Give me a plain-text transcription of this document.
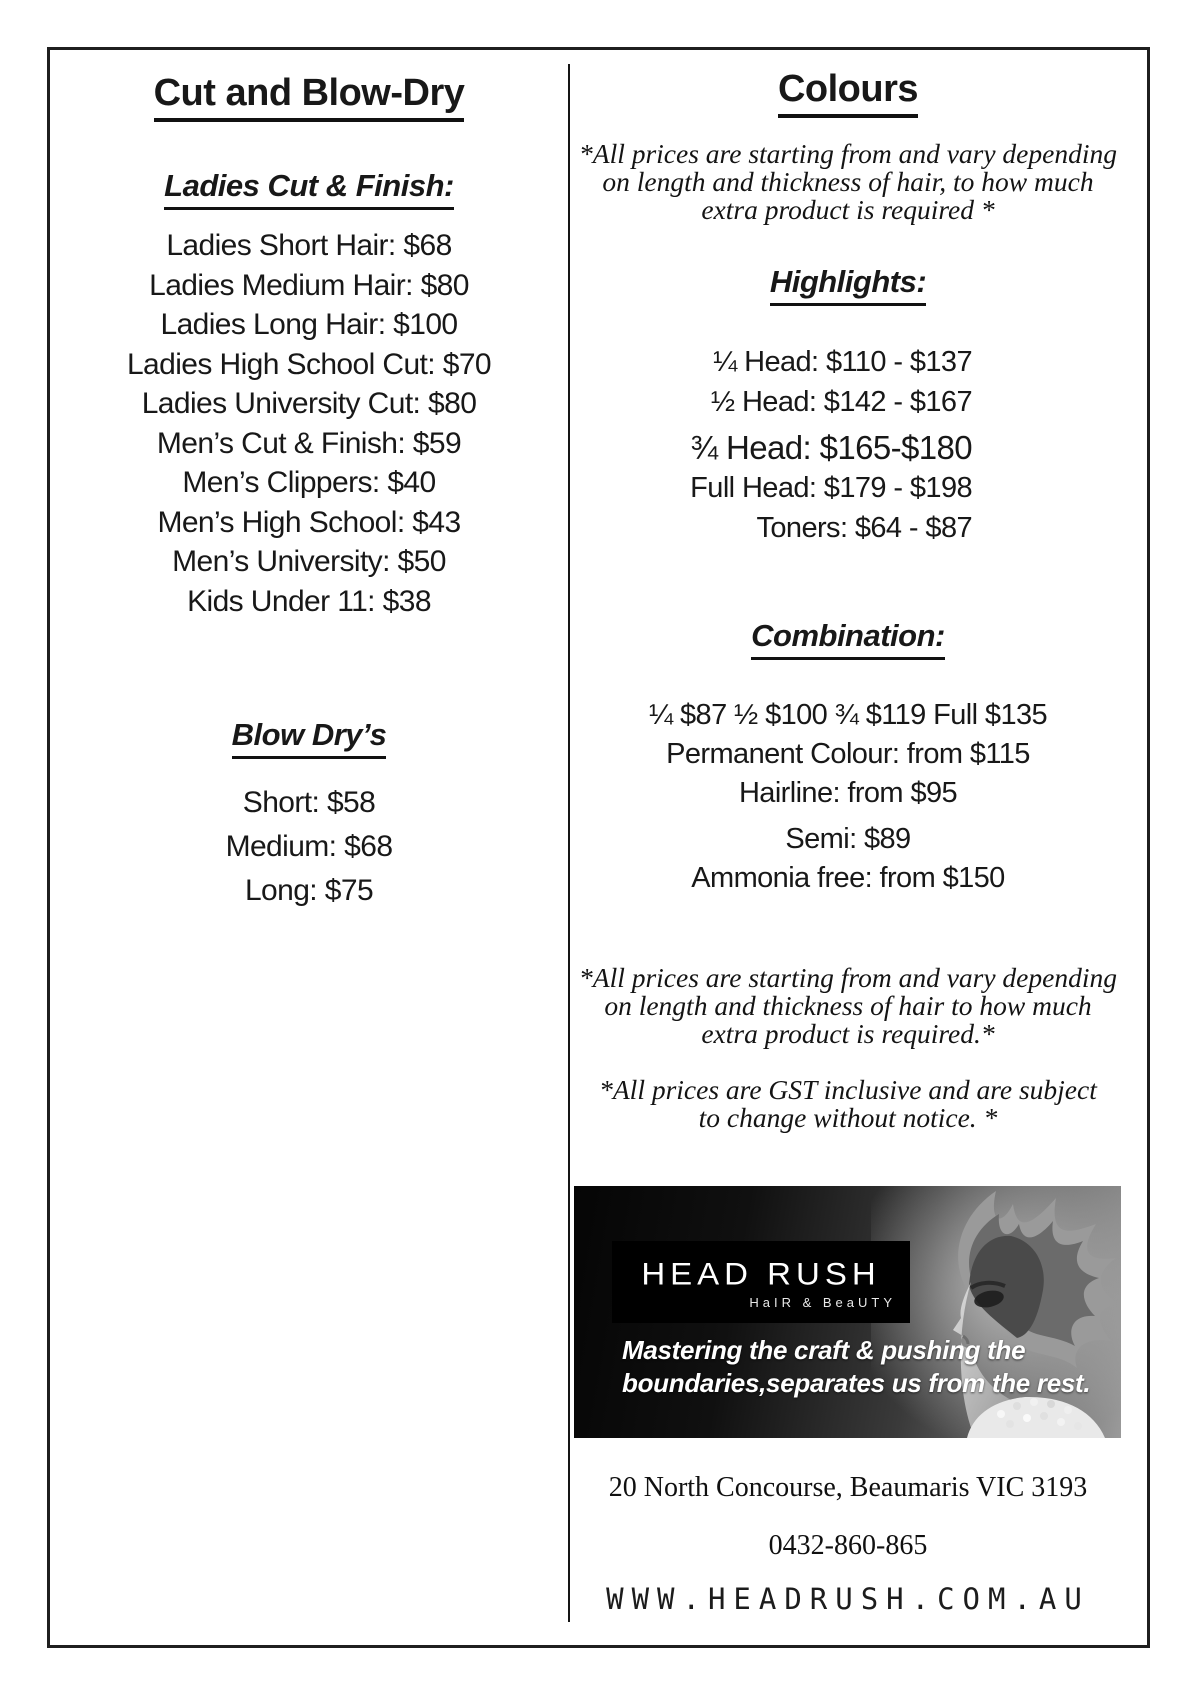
Cut and Blow-Dry
Ladies Cut & Finish:
Ladies Short Hair: $68
Ladies Medium Hair: $80
Ladies Long Hair: $100
Ladies High School Cut: $70
Ladies University Cut: $80
Men’s Cut & Finish: $59
Men’s Clippers: $40
Men’s High School: $43
Men’s University: $50
Kids Under 11: $38
Blow Dry’s
Short: $58
Medium: $68
Long: $75
Colours
*All prices are starting from and vary depending
on length and thickness of hair, to how much
extra product is required *
Highlights:
¼ Head: $110 - $137
½ Head: $142 - $167
¾ Head: $165-$180
Full Head: $179 - $198
Toners: $64 - $87
Combination:
¼ $87 ½ $100 ¾ $119 Full $135
Permanent Colour: from $115
Hairline: from $95
Semi: $89
Ammonia free: from $150
*All prices are starting from and vary depending
on length and thickness of hair to how much
extra product is required.*
*All prices are GST inclusive and are subject
to change without notice. *
HEAD RUSH
HaIR & BeaUTY
Mastering the craft & pushing the
boundaries,separates us from the rest.
20 North Concourse, Beaumaris VIC 3193
0432-860-865
WWW.HEADRUSH.COM.AU
